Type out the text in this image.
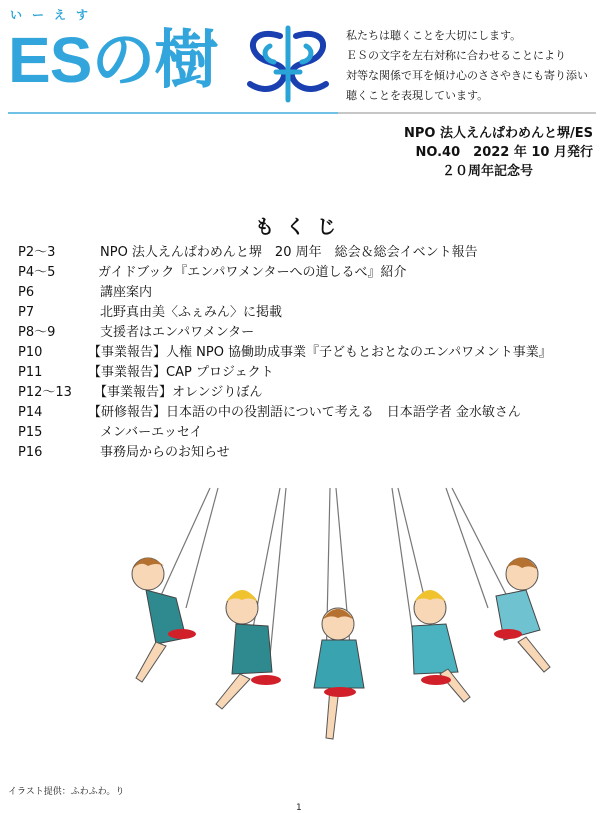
いーえす
ESの樹	私たちは聴くことを大切にします。
ＥＳの文字を左右対称に合わせることにより
対等な関係で耳を傾け心のささやきにも寄り添い
聴くことを表現しています。
NPO 法人えんぱわめんと堺/ES
NO.40　2022 年 10 月発行
２０周年記念号
もくじ
P2～3	NPO 法人えんぱわめんと堺　20 周年　総会＆総会イベント報告
P4～5	ガイドブック『エンパワメンターへの道しるべ』紹介
P6	講座案内
P7	北野真由美〈ふぇみん〉に掲載
P8～9	支援者はエンパワメンター
P10	【事業報告】人権 NPO 協働助成事業『子どもとおとなのエンパワメント事業』
P11	【事業報告】CAP プロジェクト
P12～13 【事業報告】オレンジりぼん
P14	【研修報告】日本語の中の役割語について考える　日本語学者 金水敏さん
P15	メンバーエッセイ
P16	事務局からのお知らせ
イラスト提供：ふわふわ。り
1
